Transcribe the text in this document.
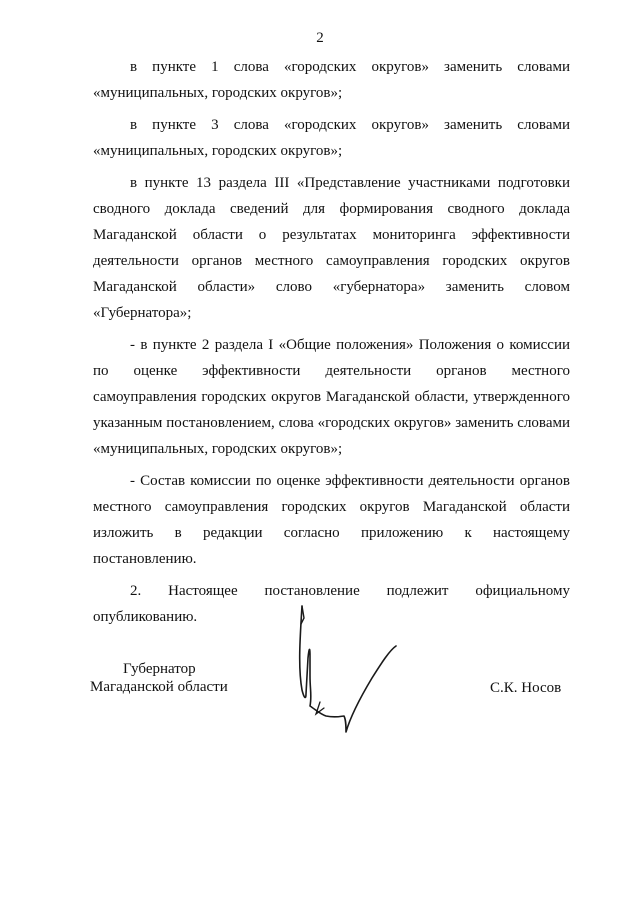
2

в пункте 1 слова «городских округов» заменить словами «муниципальных, городских округов»;

в пункте 3 слова «городских округов» заменить словами «муниципальных, городских округов»;

в пункте 13 раздела III «Представление участниками подготовки сводного доклада сведений для формирования сводного доклада Магаданской области о результатах мониторинга эффективности деятельности органов местного самоуправления городских округов Магаданской области» слово «губернатора» заменить словом «Губернатора»;

- в пункте 2 раздела I «Общие положения» Положения о комиссии по оценке эффективности деятельности органов местного самоуправления городских округов Магаданской области, утвержденного указанным постановлением, слова «городских округов» заменить словами «муниципальных, городских округов»;

- Состав комиссии по оценке эффективности деятельности органов местного самоуправления городских округов Магаданской области изложить в редакции согласно приложению к настоящему постановлению.

2. Настоящее постановление подлежит официальному опубликованию.

Губернатор
Магаданской области	С.К. Носов
